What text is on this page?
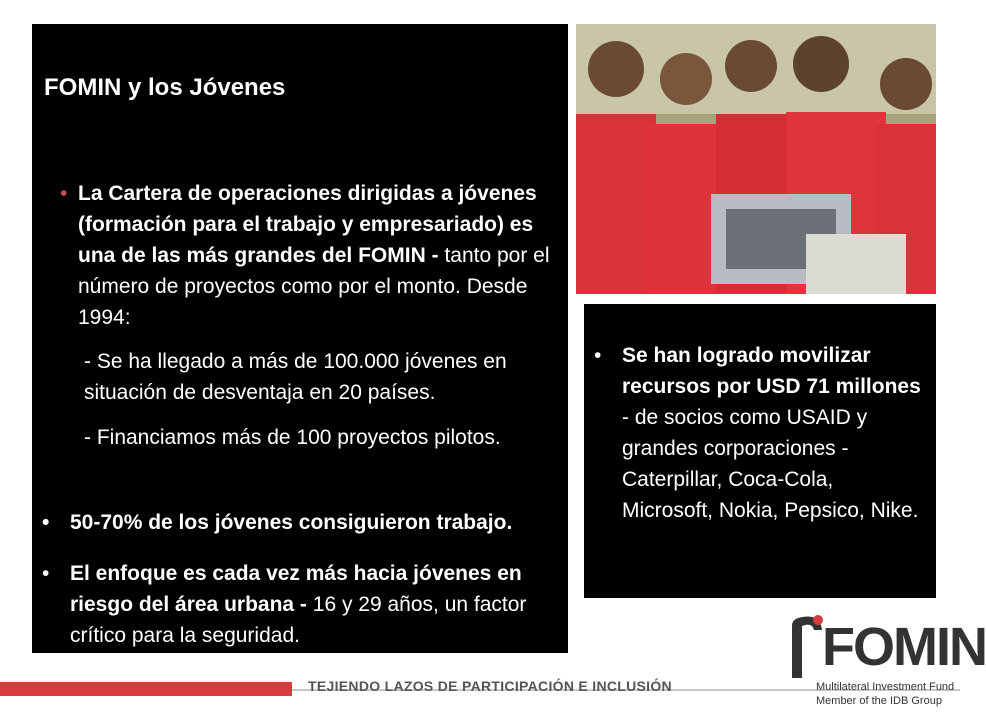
FOMIN y los Jóvenes
• La Cartera de operaciones dirigidas a jóvenes (formación para el trabajo y empresariado) es una de las más grandes del FOMIN - tanto por el número de proyectos como por el monto. Desde 1994:
- Se ha llegado a más de 100.000 jóvenes en situación de desventaja en 20 países.
- Financiamos más de 100 proyectos pilotos.
• 50-70% de los jóvenes consiguieron trabajo.
• El enfoque es cada vez más hacia jóvenes en riesgo del área urbana - 16 y 29 años, un factor crítico para la seguridad.
• Se han logrado movilizar recursos por USD 71 millones - de socios como USAID y grandes corporaciones -Caterpillar, Coca-Cola, Microsoft, Nokia, Pepsico, Nike.
TEJIENDO LAZOS DE PARTICIPACIÓN E INCLUSIÓN
FOMIN
Multilateral Investment Fund
Member of the IDB Group
